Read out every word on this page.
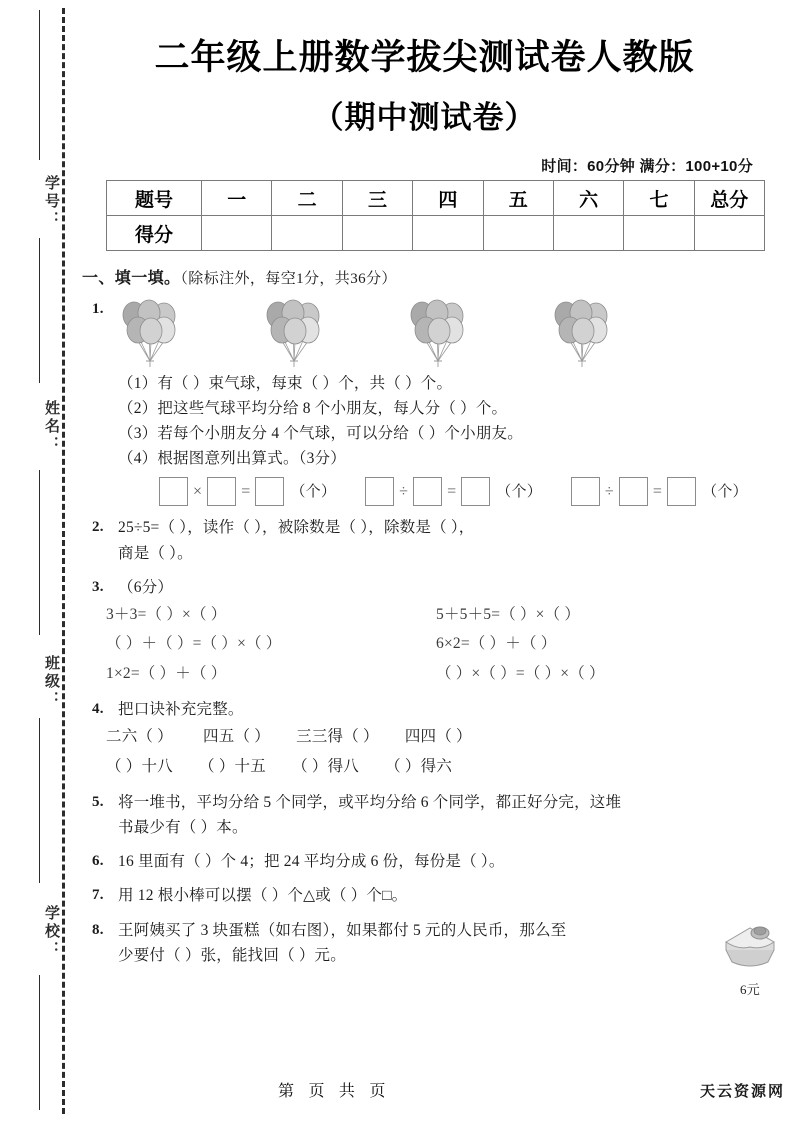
学号：
姓名：
班级：
学校：
二年级上册数学拔尖测试卷人教版
（期中测试卷）
时间：60分钟 满分：100+10分
题号	一	二	三	四	五	六	七	总分
得分								
一、填一填。（除标注外，每空1分，共36分）
1.
（1）有（ ）束气球，每束（ ）个，共（ ）个。
（2）把这些气球平均分给 8 个小朋友，每人分（ ）个。
（3）若每个小朋友分 4 个气球，可以分给（ ）个小朋友。
（4）根据图意列出算式。（3分）
× =	（个）	÷ =	（个）	÷ =	（个）
2. 25÷5=（ ），读作（ ），被除数是（ ），除数是（ ），
商是（ ）。
3. （6分）
3＋3=（ ）×（ ）	5＋5＋5=（ ）×（ ）
（ ）＋（ ）=（ ）×（ ）	6×2=（ ）＋（ ）
1×2=（ ）＋（ ）	（ ）×（ ）=（ ）×（ ）
4. 把口诀补充完整。
二六（ ） 四五（ ） 三三得（ ） 四四（ ）
（ ）十八 （ ）十五 （ ）得八 （ ）得六
5. 将一堆书，平均分给 5 个同学，或平均分给 6 个同学，都正好分完，这堆
书最少有（ ）本。
6. 16 里面有（ ）个 4；把 24 平均分成 6 份，每份是（ ）。
7. 用 12 根小棒可以摆（ ）个△或（ ）个□。
8. 王阿姨买了 3 块蛋糕（如右图），如果都付 5 元的人民币，那么至
少要付（ ）张，能找回（ ）元。
6元
第 页 共 页	天云资源网
